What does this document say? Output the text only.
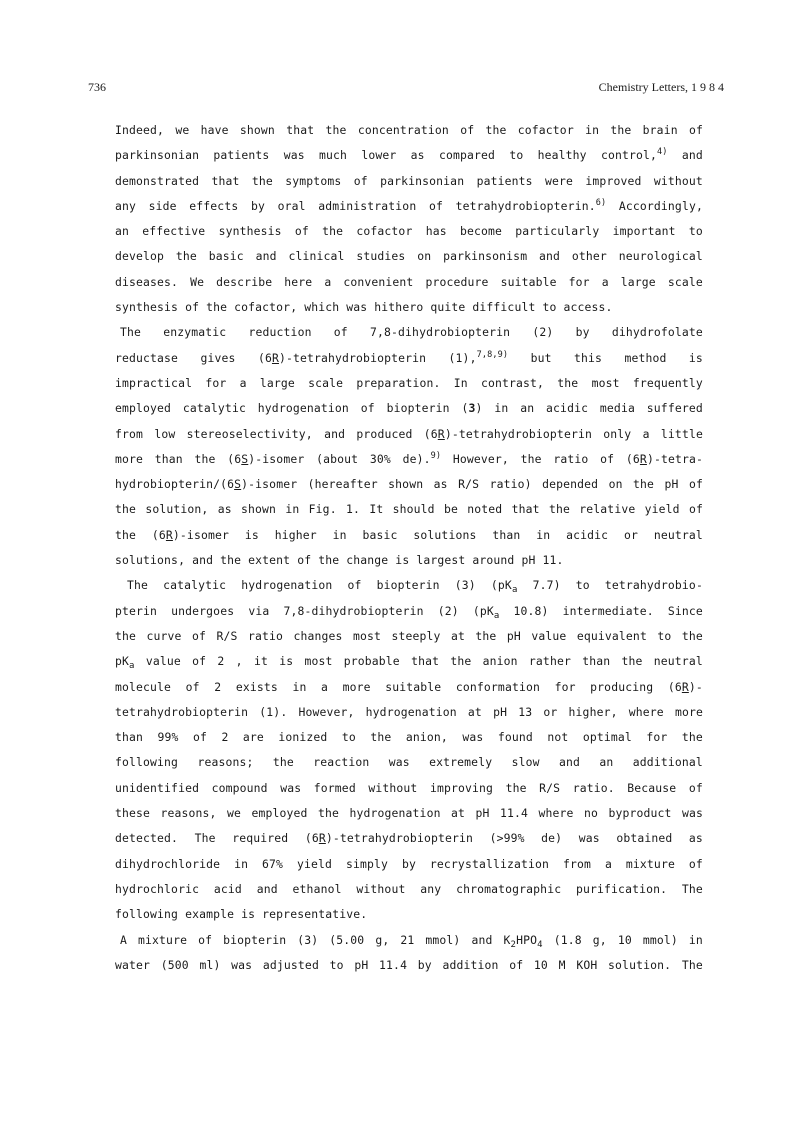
736	Chemistry Letters, 1 9 8 4
Indeed, we have shown that the concentration of the cofactor in the brain of
parkinsonian patients was much lower as compared to healthy control,$^{4)}$ and
demonstrated that the symptoms of parkinsonian patients were improved without
any side effects by oral administration of tetrahydrobiopterin.$^{6)}$ Accordingly,
an effective synthesis of the cofactor has become particularly important to
develop the basic and clinical studies on parkinsonism and other neurological
diseases. We describe here a convenient procedure suitable for a large scale
synthesis of the cofactor, which was hithero quite difficult to access.
The enzymatic reduction of 7,8-dihydrobiopterin (2) by dihydrofolate
reductase gives (6R)-tetrahydrobiopterin (1),$^{7,8,9)}$ but this method is
impractical for a large scale preparation. In contrast, the most frequently
employed catalytic hydrogenation of biopterin (3) in an acidic media suffered
from low stereoselectivity, and produced (6R)-tetrahydrobiopterin only a little
more than the (6S)-isomer (about 30% de).$^{9)}$ However, the ratio of (6R)-tetra-
hydrobiopterin/(6S)-isomer (hereafter shown as R/S ratio) depended on the pH of
the solution, as shown in Fig. 1. It should be noted that the relative yield of
the (6R)-isomer is higher in basic solutions than in acidic or neutral
solutions, and the extent of the change is largest around pH 11.
The catalytic hydrogenation of biopterin (3) ($pK_a$ 7.7) to tetrahydrobio-
pterin undergoes via 7,8-dihydrobiopterin (2) ($pK_a$ 10.8) intermediate. Since
the curve of R/S ratio changes most steeply at the pH value equivalent to the
$pK_a$ value of 2 , it is most probable that the anion rather than the neutral
molecule of 2 exists in a more suitable conformation for producing (6R)-
tetrahydrobiopterin (1). However, hydrogenation at pH 13 or higher, where more
than 99% of 2 are ionized to the anion, was found not optimal for the
following reasons; the reaction was extremely slow and an additional
unidentified compound was formed without improving the R/S ratio. Because of
these reasons, we employed the hydrogenation at pH 11.4 where no byproduct was
detected. The required (6R)-tetrahydrobiopterin (>99% de) was obtained as
dihydrochloride in 67% yield simply by recrystallization from a mixture of
hydrochloric acid and ethanol without any chromatographic purification. The
following example is representative.
A mixture of biopterin (3) (5.00 g, 21 mmol) and $K_2HPO_4$ (1.8 g, 10 mmol) in
water (500 ml) was adjusted to pH 11.4 by addition of 10 M KOH solution. The
